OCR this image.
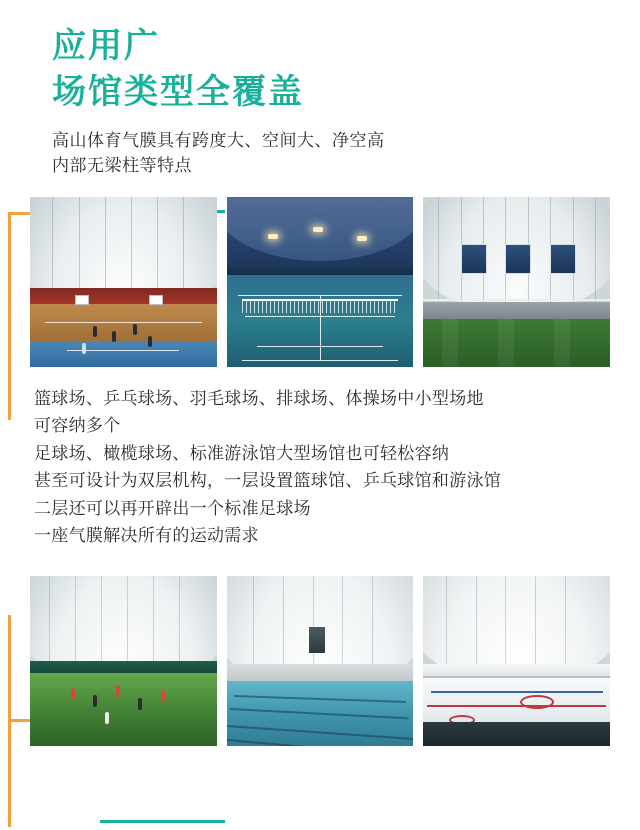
应用广
场馆类型全覆盖
高山体育气膜具有跨度大、空间大、净空高
内部无梁柱等特点

篮球场、乒乓球场、羽毛球场、排球场、体操场中小型场地

可容纳多个

足球场、橄榄球场、标准游泳馆大型场馆也可轻松容纳

甚至可设计为双层机构，一层设置篮球馆、乒乓球馆和游泳馆

二层还可以再开辟出一个标准足球场

一座气膜解决所有的运动需求
